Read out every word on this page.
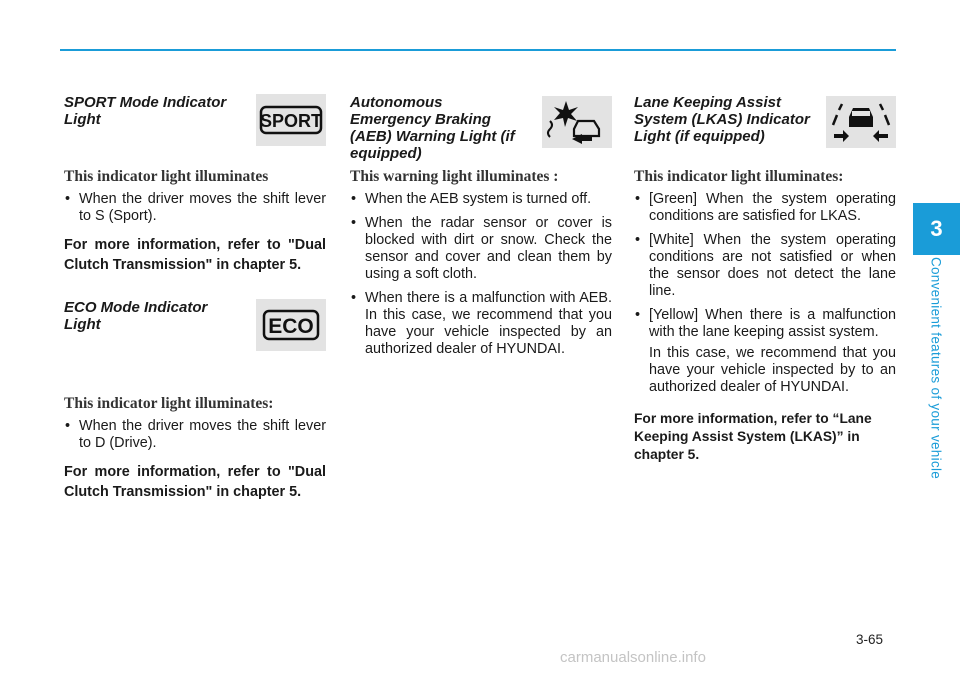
SPORT Mode Indicator Light	SPORT

This indicator light illuminates

• When the driver moves the shift lever to S (Sport).

For more information, refer to "Dual Clutch Transmission" in chapter 5.

ECO Mode Indicator Light	ECO

This indicator light illuminates:

• When the driver moves the shift lever to D (Drive).

For more information, refer to "Dual Clutch Transmission" in chapter 5.

Autonomous Emergency Braking (AEB) Warning Light (if equipped)

This warning light illuminates :

• When the AEB system is turned off.
• When the radar sensor or cover is blocked with dirt or snow. Check the sensor and cover and clean them by using a soft cloth.
• When there is a malfunction with AEB. In this case, we recommend that you have your vehicle inspected by an authorized dealer of HYUNDAI.
Lane Keeping Assist System (LKAS) Indicator Light (if equipped)

This indicator light illuminates:

• [Green] When the system operating conditions are satisfied for LKAS.
• [White] When the system operating conditions are not satisfied or when the sensor does not detect the lane line.
• [Yellow] When there is a malfunction with the lane keeping assist system.

In this case, we recommend that you have your vehicle inspected by to an authorized dealer of HYUNDAI.

For more information, refer to “Lane Keeping Assist System (LKAS)” in chapter 5.

3
Convenient features of your vehicle
3-65
carmanualsonline.info
